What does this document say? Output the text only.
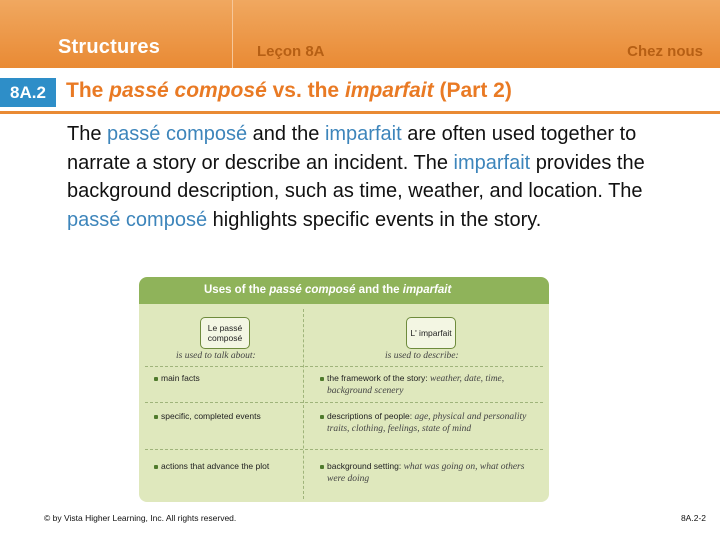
Structures	Leçon 8A	Chez nous
8A.2 The passé composé vs. the imparfait (Part 2)
The passé composé and the imparfait are often used together to narrate a story or describe an incident. The imparfait provides the background description, such as time, weather, and location. The passé composé highlights specific events in the story.
Uses of the passé composé and the imparfait
Le passé composé
is used to talk about:
L' imparfait
is used to describe:
main facts	the framework of the story: weather, date, time, background scenery
specific, completed events	descriptions of people: age, physical and personality traits, clothing, feelings, state of mind
actions that advance the plot	background setting: what was going on, what others were doing
© by Vista Higher Learning, Inc. All rights reserved.	8A.2-2
